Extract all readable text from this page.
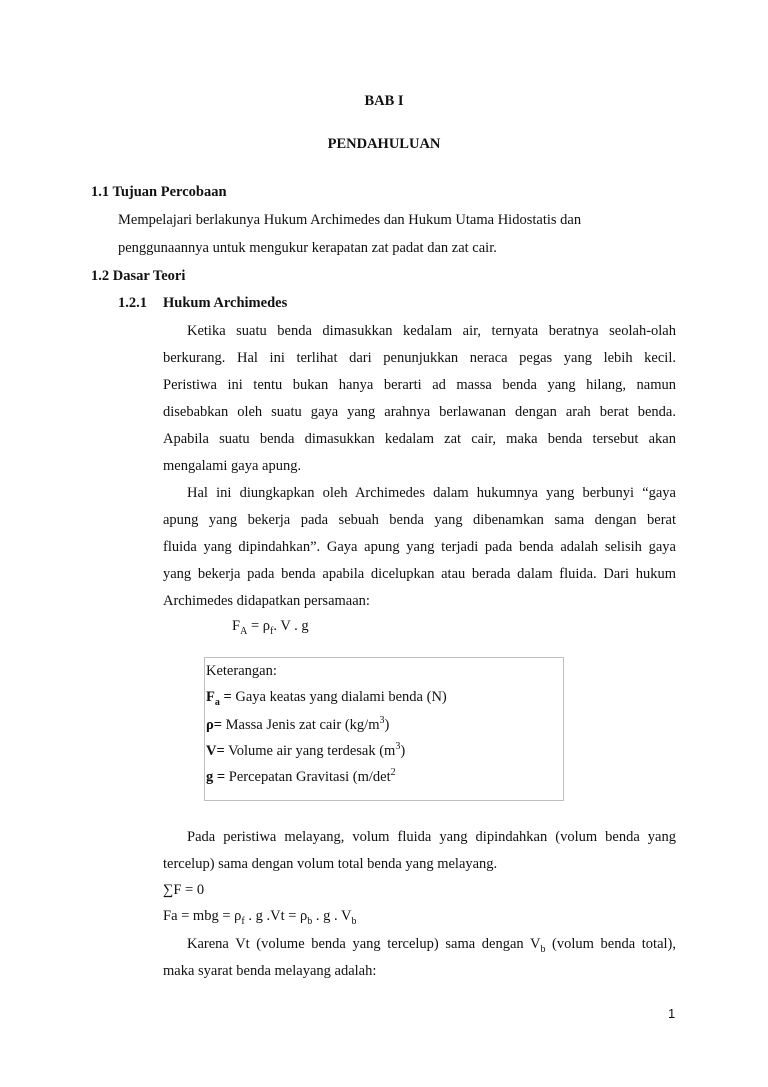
BAB I
PENDAHULUAN
1.1 Tujuan Percobaan
Mempelajari berlakunya Hukum Archimedes dan Hukum Utama Hidostatis dan
penggunaannya untuk mengukur kerapatan zat padat dan zat cair.
1.2 Dasar Teori
1.2.1 Hukum Archimedes
Ketika suatu benda dimasukkan kedalam air, ternyata beratnya seolah-olah
berkurang. Hal ini terlihat dari penunjukkan neraca pegas yang lebih kecil.
Peristiwa ini tentu bukan hanya berarti ad massa benda yang hilang, namun
disebabkan oleh suatu gaya yang arahnya berlawanan dengan arah berat benda.
Apabila suatu benda dimasukkan kedalam zat cair, maka benda tersebut akan
mengalami gaya apung.
Hal ini diungkapkan oleh Archimedes dalam hukumnya yang berbunyi “gaya
apung yang bekerja pada sebuah benda yang dibenamkan sama dengan berat
fluida yang dipindahkan”. Gaya apung yang terjadi pada benda adalah selisih gaya
yang bekerja pada benda apabila dicelupkan atau berada dalam fluida. Dari hukum
Archimedes didapatkan persamaan:
$F_A = \rho_f$. V . g
Keterangan:
$F_a$ = Gaya keatas yang dialami benda (N)
ρ= Massa Jenis zat cair $(kg/m^3)$
V= Volume air yang terdesak $(m^3)$
g = Percepatan Gravitasi ($m/\det^2$
Pada peristiwa melayang, volum fluida yang dipindahkan (volum benda yang
tercelup) sama dengan volum total benda yang melayang.
∑F = 0
Fa = mbg = $\rho_f$ . g $.Vt = \rho_b$ . g . $V_b$
Karena Vt (volume benda yang tercelup) sama dengan $V_b$ (volum benda total),
maka syarat benda melayang adalah:
1
